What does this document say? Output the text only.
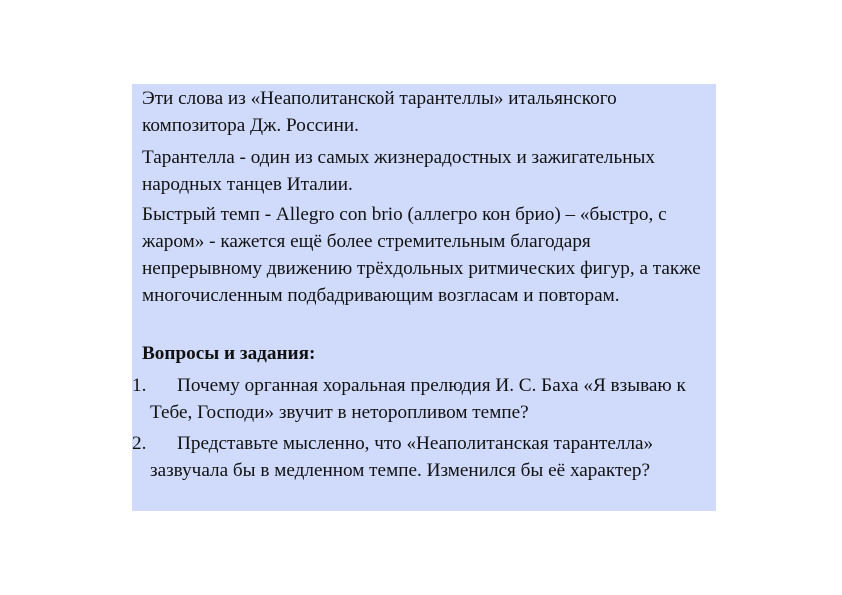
Эти слова из «Неаполитанской тарантеллы» итальянского композитора Дж. Россини.

Тарантелла - один из самых жизнерадостных и зажигательных народных танцев Италии.

Быстрый темп - Allegro con brio (аллегро кон брио) – «быстро, с жаром» - кажется ещё более стремительным благодаря непрерывному движению трёхдольных ритмических фигур, а также многочисленным подбадривающим возгласам и повторам.

Вопросы и задания:

1.	Почему органная хоральная прелюдия И. С. Баха «Я взываю к Тебе, Господи» звучит в неторопливом темпе?
2.	Представьте мысленно, что «Неаполитанская тарантелла» зазвучала бы в медленном темпе. Изменился бы её характер?
